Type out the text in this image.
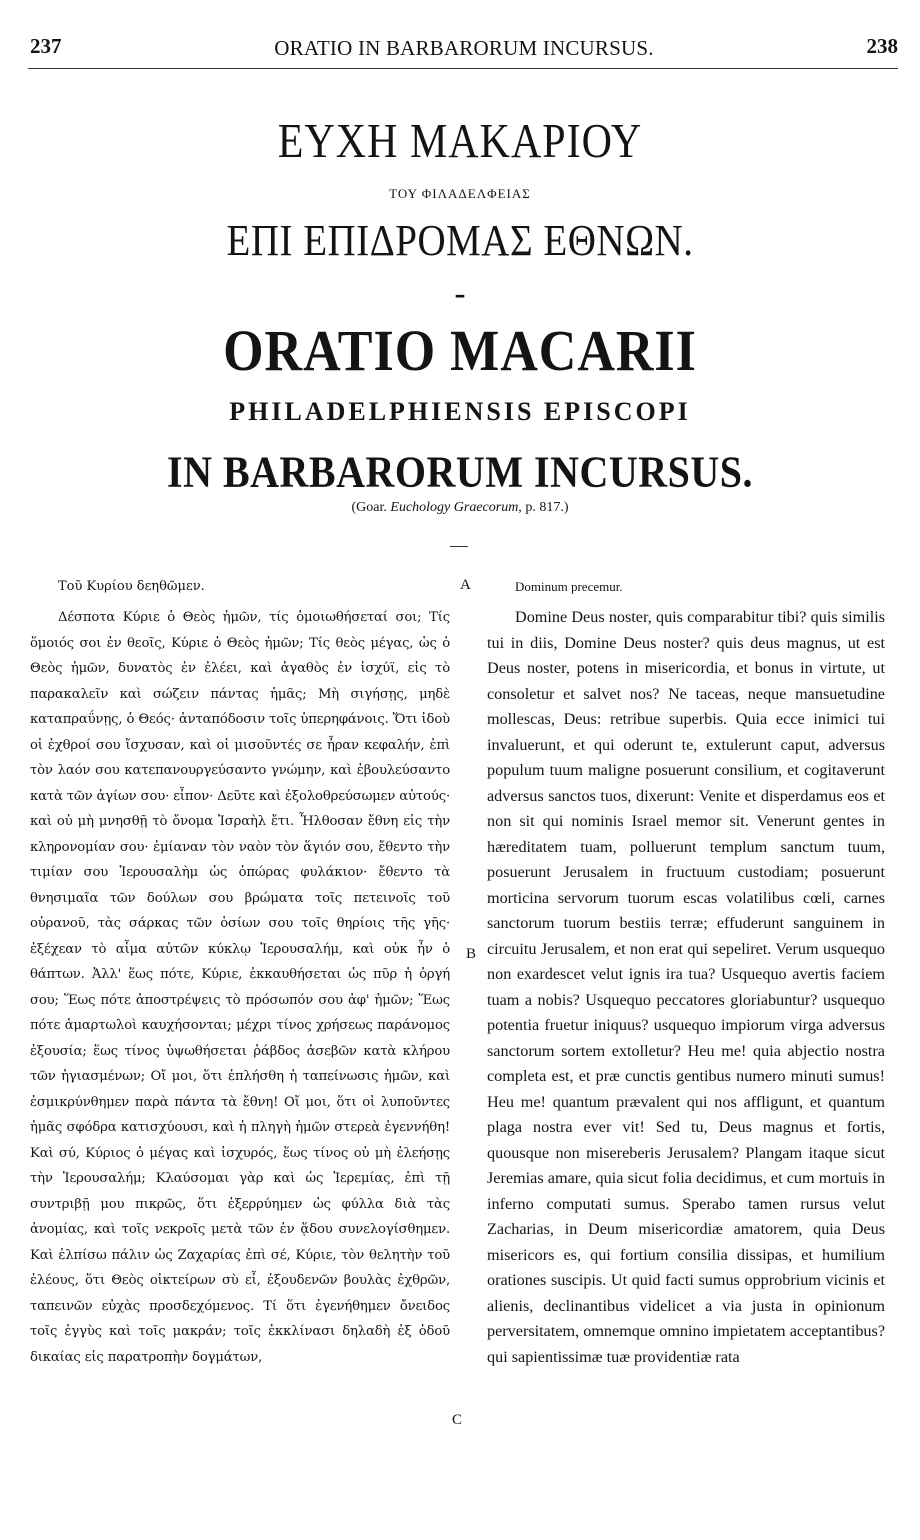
237	ORATIO IN BARBARORUM INCURSUS.	238
ΕΥΧΗ ΜΑΚΑΡΙΟΥ
ΤΟΥ ΦΙΛΑΔΕΛΦΕΙΑΣ
ΕΠΙ ΕΠΙΔΡΟΜΑΣ ΕΘΝΩΝ.
–
ORATIO MACARII
PHILADELPHIENSIS EPISCOPI
IN BARBARORUM INCURSUS.
(Goar. Euchology Graecorum, p. 817.)
Τοῦ Κυρίου δεηθῶμεν.
Δέσποτα Κύριε ὁ Θεὸς ἡμῶν, τίς ὁμοιωθήσεταί σοι; Τίς ὅμοιός σοι ἐν θεοῖς, Κύριε ὁ Θεὸς ἡμῶν; Τίς θεὸς μέγας, ὡς ὁ Θεὸς ἡμῶν, δυνατὸς ἐν ἐλέει, καὶ ἀγαθὸς ἐν ἰσχύϊ, εἰς τὸ παρακαλεῖν καὶ σώζειν πάντας ἡμᾶς; Μὴ σιγήσῃς, μηδὲ καταπραΰνῃς, ὁ Θεός· ἀνταπόδοσιν τοῖς ὑπερηφάνοις. Ὅτι ἰδοὺ οἱ ἐχθροί σου ἴσχυσαν, καὶ οἱ μισοῦντές σε ἦραν κεφαλήν, ἐπὶ τὸν λαόν σου κατεπανουργεύσαντο γνώμην, καὶ ἐβουλεύσαντο κατὰ τῶν ἁγίων σου· εἶπον· Δεῦτε καὶ ἐξολοθρεύσωμεν αὐτούς· καὶ οὐ μὴ μνησθῇ τὸ ὄνομα Ἰσραὴλ ἔτι. Ἦλθοσαν ἔθνη εἰς τὴν κληρονομίαν σου· ἐμίαναν τὸν ναὸν τὸν ἅγιόν σου, ἔθεντο τὴν τιμίαν σου Ἱερουσαλὴμ ὡς ὀπώρας φυλάκιον· ἔθεντο τὰ θνησιμαῖα τῶν δούλων σου βρώματα τοῖς πετεινοῖς τοῦ οὐρανοῦ, τὰς σάρκας τῶν ὁσίων σου τοῖς θηρίοις τῆς γῆς· ἐξέχεαν τὸ αἷμα αὐτῶν κύκλῳ Ἱερουσαλήμ, καὶ οὐκ ἦν ὁ θάπτων. Ἀλλ' ἕως πότε, Κύριε, ἐκκαυθήσεται ὡς πῦρ ἡ ὀργή σου; Ἕως πότε ἀποστρέψεις τὸ πρόσωπόν σου ἀφ' ἡμῶν; Ἕως πότε ἁμαρτωλοὶ καυχήσονται; μέχρι τίνος χρήσεως παράνομος ἐξουσία; ἕως τίνος ὑψωθήσεται ῥάβδος ἀσεβῶν κατὰ κλήρου τῶν ἡγιασμένων; Οἴ μοι, ὅτι ἐπλήσθη ἡ ταπείνωσις ἡμῶν, καὶ ἐσμικρύνθημεν παρὰ πάντα τὰ ἔθνη! Οἴ μοι, ὅτι οἱ λυποῦντες ἡμᾶς σφόδρα κατισχύουσι, καὶ ἡ πληγὴ ἡμῶν στερεὰ ἐγεννήθη! Καὶ σύ, Κύριος ὁ μέγας καὶ ἰσχυρός, ἕως τίνος οὐ μὴ ἐλεήσῃς τὴν Ἱερουσαλήμ; Κλαύσομαι γὰρ καὶ ὡς Ἱερεμίας, ἐπὶ τῇ συντριβῇ μου πικρῶς, ὅτι ἐξερρύημεν ὡς φύλλα διὰ τὰς ἀνομίας, καὶ τοῖς νεκροῖς μετὰ τῶν ἐν ᾅδου συνελογίσθημεν. Καὶ ἐλπίσω πάλιν ὡς Ζαχαρίας ἐπὶ σέ, Κύριε, τὸν θελητὴν τοῦ ἐλέους, ὅτι Θεὸς οἰκτείρων σὺ εἶ, ἐξουδενῶν βουλὰς ἐχθρῶν, ταπεινῶν εὐχὰς προσδεχόμενος. Τί ὅτι ἐγενήθημεν ὄνειδος τοῖς ἐγγὺς καὶ τοῖς μακράν; τοῖς ἐκκλίνασι δηλαδὴ ἐξ ὁδοῦ δικαίας εἰς παρατροπὴν δογμάτων,
A
B
C
Dominum precemur.
Domine Deus noster, quis comparabitur tibi? quis similis tui in diis, Domine Deus noster? quis deus magnus, ut est Deus noster, potens in misericordia, et bonus in virtute, ut consoletur et salvet nos? Ne taceas, neque mansuetudine mollescas, Deus: retribue superbis. Quia ecce inimici tui invaluerunt, et qui oderunt te, extulerunt caput, adversus populum tuum maligne posuerunt consilium, et cogitaverunt adversus sanctos tuos, dixerunt: Venite et disperdamus eos et non sit qui nominis Israel memor sit. Venerunt gentes in hæreditatem tuam, polluerunt templum sanctum tuum, posuerunt Jerusalem in fructuum custodiam; posuerunt morticina servorum tuorum escas volatilibus cœli, carnes sanctorum tuorum bestiis terræ; effuderunt sanguinem in circuitu Jerusalem, et non erat qui sepeliret. Verum usquequo non exardescet velut ignis ira tua? Usquequo avertis faciem tuam a nobis? Usquequo peccatores gloriabuntur? usquequo potentia fruetur iniquus? usquequo impiorum virga adversus sanctorum sortem extolletur? Heu me! quia abjectio nostra completa est, et præ cunctis gentibus numero minuti sumus! Heu me! quantum prævalent qui nos affligunt, et quantum plaga nostra ever vit! Sed tu, Deus magnus et fortis, quousque non misereberis Jerusalem? Plangam itaque sicut Jeremias amare, quia sicut folia decidimus, et cum mortuis in inferno computati sumus. Sperabo tamen rursus velut Zacharias, in Deum misericordiæ amatorem, quia Deus misericors es, qui fortium consilia dissipas, et humilium orationes suscipis. Ut quid facti sumus opprobrium vicinis et alienis, declinantibus videlicet a via justa in opinionum perversitatem, omnemque omnino impietatem acceptantibus? qui sapientissimæ tuæ providentiæ rata
